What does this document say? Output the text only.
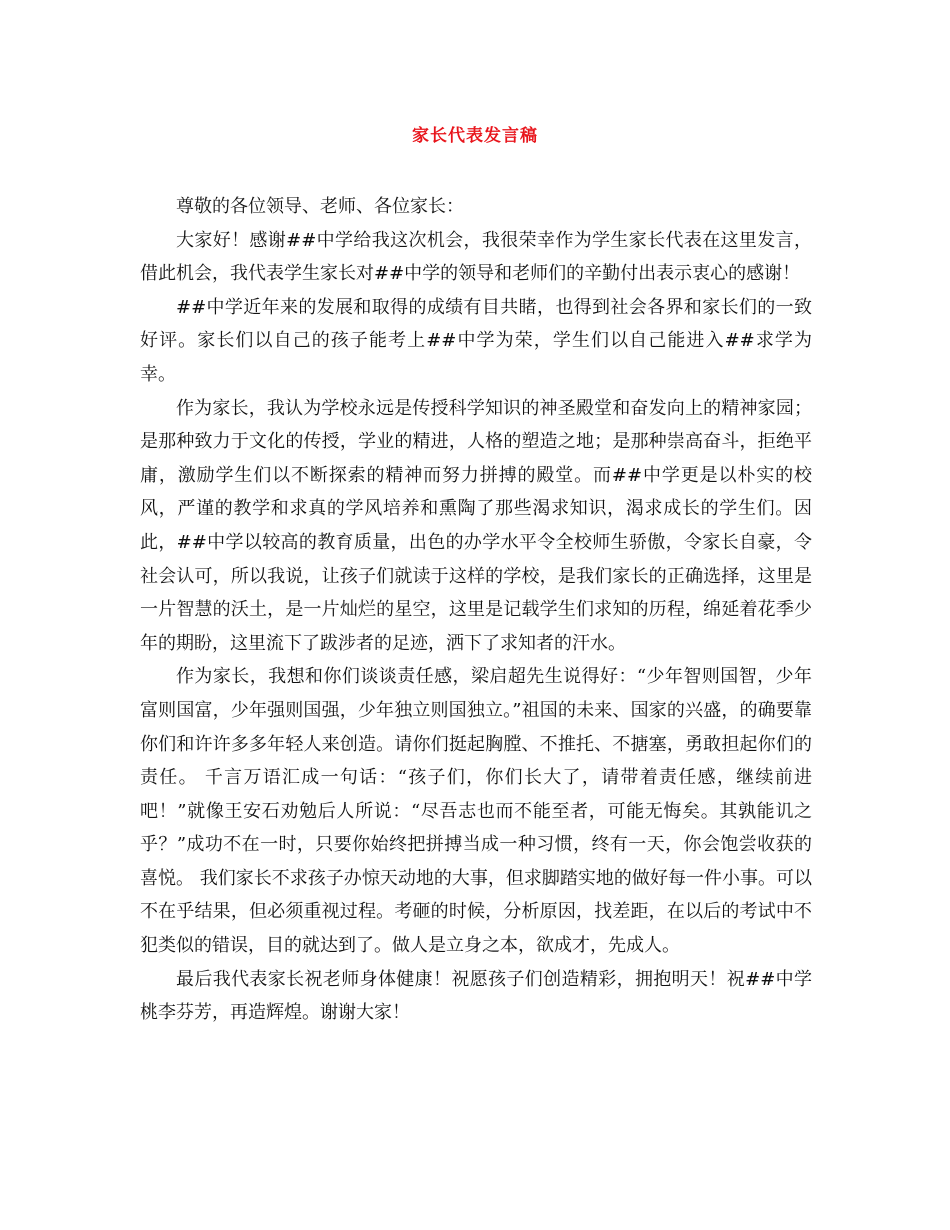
家长代表发言稿

尊敬的各位领导、老师、各位家长：

大家好！感谢##中学给我这次机会，我很荣幸作为学生家长代表在这里发言，借此机会，我代表学生家长对##中学的领导和老师们的辛勤付出表示衷心的感谢！

##中学近年来的发展和取得的成绩有目共睹，也得到社会各界和家长们的一致好评。家长们以自己的孩子能考上##中学为荣，学生们以自己能进入##求学为幸。

作为家长，我认为学校永远是传授科学知识的神圣殿堂和奋发向上的精神家园；是那种致力于文化的传授，学业的精进，人格的塑造之地；是那种崇高奋斗，拒绝平庸，激励学生们以不断探索的精神而努力拼搏的殿堂。而##中学更是以朴实的校风，严谨的教学和求真的学风培养和熏陶了那些渴求知识，渴求成长的学生们。因此，##中学以较高的教育质量，出色的办学水平令全校师生骄傲，令家长自豪，令社会认可，所以我说，让孩子们就读于这样的学校，是我们家长的正确选择，这里是一片智慧的沃土，是一片灿烂的星空，这里是记载学生们求知的历程，绵延着花季少年的期盼，这里流下了跋涉者的足迹，洒下了求知者的汗水。

作为家长，我想和你们谈谈责任感，梁启超先生说得好：“少年智则国智，少年富则国富，少年强则国强，少年独立则国独立。”祖国的未来、国家的兴盛，的确要靠你们和许许多多年轻人来创造。请你们挺起胸膛、不推托、不搪塞，勇敢担起你们的责任。 千言万语汇成一句话：“孩子们，你们长大了，请带着责任感，继续前进吧！”就像王安石劝勉后人所说：“尽吾志也而不能至者，可能无悔矣。其孰能讥之乎？”成功不在一时，只要你始终把拼搏当成一种习惯，终有一天，你会饱尝收获的喜悦。 我们家长不求孩子办惊天动地的大事，但求脚踏实地的做好每一件小事。可以不在乎结果，但必须重视过程。考砸的时候，分析原因，找差距，在以后的考试中不犯类似的错误，目的就达到了。做人是立身之本，欲成才，先成人。

最后我代表家长祝老师身体健康！祝愿孩子们创造精彩，拥抱明天！祝##中学桃李芬芳，再造辉煌。谢谢大家！
